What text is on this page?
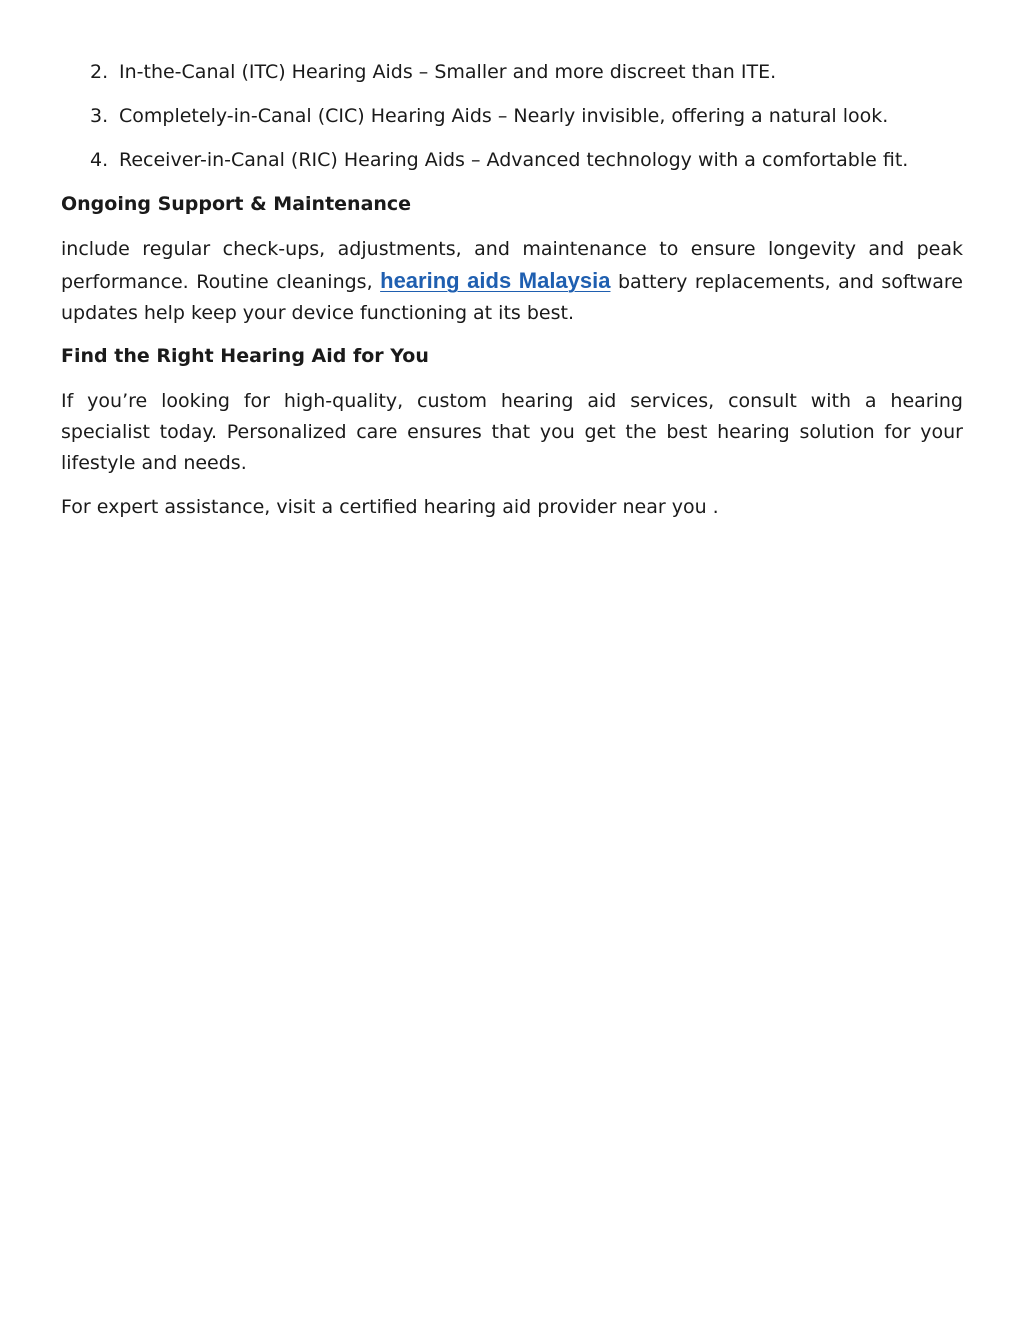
2. In-the-Canal (ITC) Hearing Aids – Smaller and more discreet than ITE.
3. Completely-in-Canal (CIC) Hearing Aids – Nearly invisible, offering a natural look.
4. Receiver-in-Canal (RIC) Hearing Aids – Advanced technology with a comfortable fit.
Ongoing Support & Maintenance

include regular check-ups, adjustments, and maintenance to ensure longevity and peak performance. Routine cleanings, hearing aids Malaysia battery replacements, and software updates help keep your device functioning at its best.

Find the Right Hearing Aid for You

If you’re looking for high-quality, custom hearing aid services, consult with a hearing specialist today. Personalized care ensures that you get the best hearing solution for your lifestyle and needs.

For expert assistance, visit a certified hearing aid provider near you .
